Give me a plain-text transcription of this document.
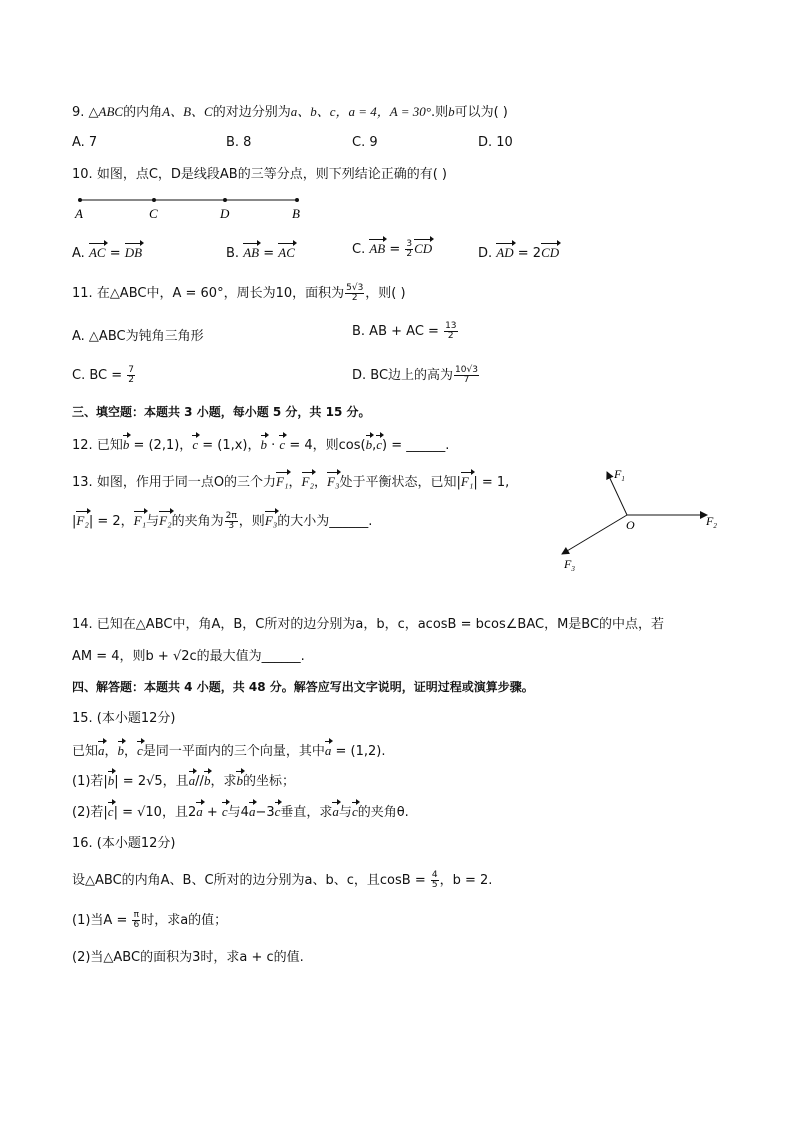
9. △ABC的内角A、B、C的对边分别为a、b、c，a = 4，A = 30°.则b可以为( )
A. 7	B. 8	C. 9	D. 10
10. 如图，点C，D是线段AB的三等分点，则下列结论正确的有( )
A	C	D	B
A. AC = DB	B. AB = AC	C. AB = $\frac{3}{2}$ CD	D. AD = 2CD
11. 在△ABC中，A = 60°，周长为10，面积为 $\frac{5√3}{2}$ ，则( )
A. △ABC为钝角三角形	B. AB + AC = $\frac{13}{2}$
C. BC = $\frac{7}{2}$	D. BC边上的高为 $\frac{10√3}{7}$
三、填空题：本题共 3 小题，每小题 5 分，共 15 分。
12. 已知b = (2,1)，c = (1,x)，b · c = 4，则cos(b,c) = ______.
13. 如图，作用于同一点O的三个力F₁，F₂，F₃处于平衡状态，已知|F₁| = 1,
|F₂| = 2，F₁与F₂的夹角为 $\frac{2\pi}{3}$ ，则F₃的大小为______.
$F_1$
$F_2$
$F_3$
O
14. 已知在△ABC中，角A，B，C所对的边分别为a，b，c，acosB = bcos∠BAC，M是BC的中点，若
AM = 4，则b + √2c的最大值为______.
四、解答题：本题共 4 小题，共 48 分。解答应写出文字说明，证明过程或演算步骤。
15. (本小题12分)
已知a，b，c是同一平面内的三个向量，其中a = (1,2).
(1)若|b| = 2√5，且a//b，求b的坐标；
(2)若|c| = √10，且2a + c与4a−3c垂直，求a与c的夹角θ.
16. (本小题12分)
设△ABC的内角A、B、C所对的边分别为a、b、c，且$\cos B = \frac{4}{5}$ ，b = 2.
(1)当$A = \frac{\pi}{6}$ 时，求a的值；
(2)当△ABC的面积为3时，求a + c的值.
